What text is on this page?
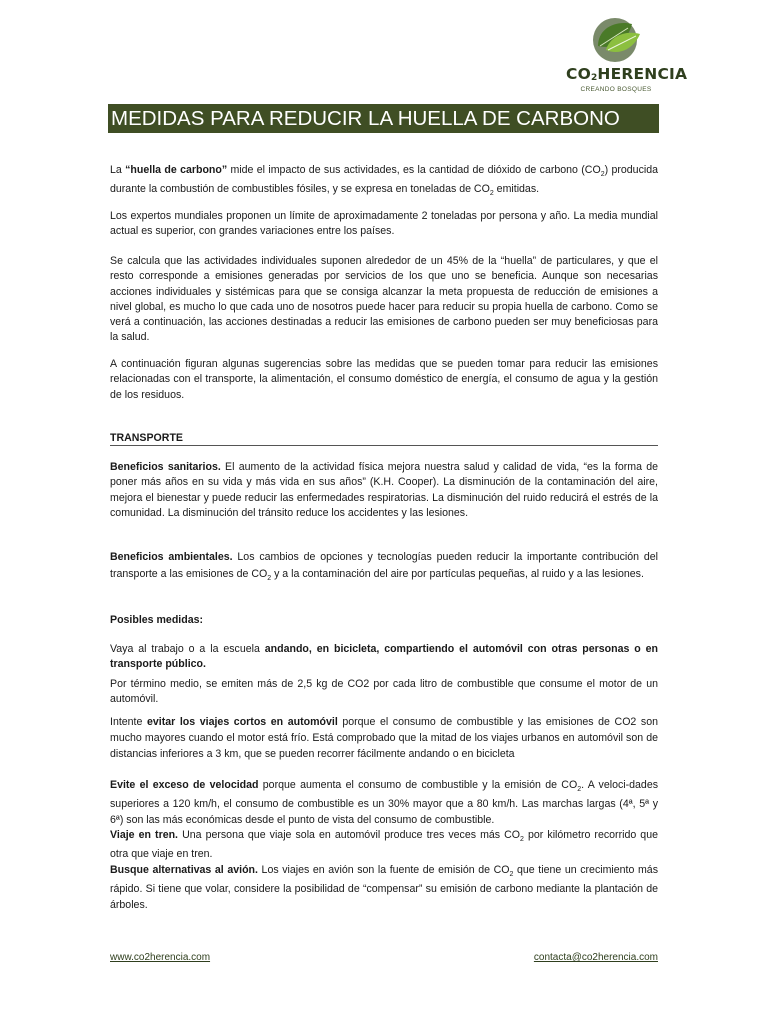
$CO_2HERENCIA$
CREANDO BOSQUES
MEDIDAS PARA REDUCIR LA HUELLA DE CARBONO

La “huella de carbono” mide el impacto de sus actividades, es la cantidad de dióxido de carbono $(CO_2)$ producida durante la combustión de combustibles fósiles, y se expresa en toneladas de $CO_2$ emitidas.

Los expertos mundiales proponen un límite de aproximadamente 2 toneladas por persona y año. La media mundial actual es superior, con grandes variaciones entre los países.

Se calcula que las actividades individuales suponen alrededor de un 45% de la “huella” de particulares, y que el resto corresponde a emisiones generadas por servicios de los que uno se beneficia. Aunque son necesarias acciones individuales y sistémicas para que se consiga alcanzar la meta propuesta de reducción de emisiones a nivel global, es mucho lo que cada uno de nosotros puede hacer para reducir su propia huella de carbono. Como se verá a continuación, las acciones destinadas a reducir las emisiones de carbono pueden ser muy beneficiosas para la salud.

A continuación figuran algunas sugerencias sobre las medidas que se pueden tomar para reducir las emisiones relacionadas con el transporte, la alimentación, el consumo doméstico de energía, el consumo de agua y la gestión de los residuos.

TRANSPORTE

Beneficios sanitarios. El aumento de la actividad física mejora nuestra salud y calidad de vida, “es la forma de poner más años en su vida y más vida en sus años” (K.H. Cooper). La disminución de la contaminación del aire, mejora el bienestar y puede reducir las enfermedades respiratorias. La disminución del ruido reducirá el estrés de la comunidad. La disminución del tránsito reduce los accidentes y las lesiones.

Beneficios ambientales. Los cambios de opciones y tecnologías pueden reducir la importante contribución del transporte a las emisiones de $CO_2$ y a la contaminación del aire por partículas pequeñas, al ruido y a las lesiones.

Posibles medidas:

Vaya al trabajo o a la escuela andando, en bicicleta, compartiendo el automóvil con otras personas o en transporte público.

Por término medio, se emiten más de 2,5 kg de CO2 por cada litro de combustible que consume el motor de un automóvil.

Intente evitar los viajes cortos en automóvil porque el consumo de combustible y las emisiones de CO2 son mucho mayores cuando el motor está frío. Está comprobado que la mitad de los viajes urbanos en automóvil son de distancias inferiores a 3 km, que se pueden recorrer fácilmente andando o en bicicleta

Evite el exceso de velocidad porque aumenta el consumo de combustible y la emisión de $CO_2$. A veloci-dades superiores a 120 km/h, el consumo de combustible es un 30% mayor que a 80 km/h. Las marchas largas (4ª, 5ª y 6ª) son las más económicas desde el punto de vista del consumo de combustible.

Viaje en tren. Una persona que viaje sola en automóvil produce tres veces más $CO_2$ por kilómetro recorrido que otra que viaje en tren.

Busque alternativas al avión. Los viajes en avión son la fuente de emisión de $CO_2$ que tiene un crecimiento más rápido. Si tiene que volar, considere la posibilidad de “compensar” su emisión de carbono mediante la plantación de árboles.

www.co2herencia.com	contacta@co2herencia.com
